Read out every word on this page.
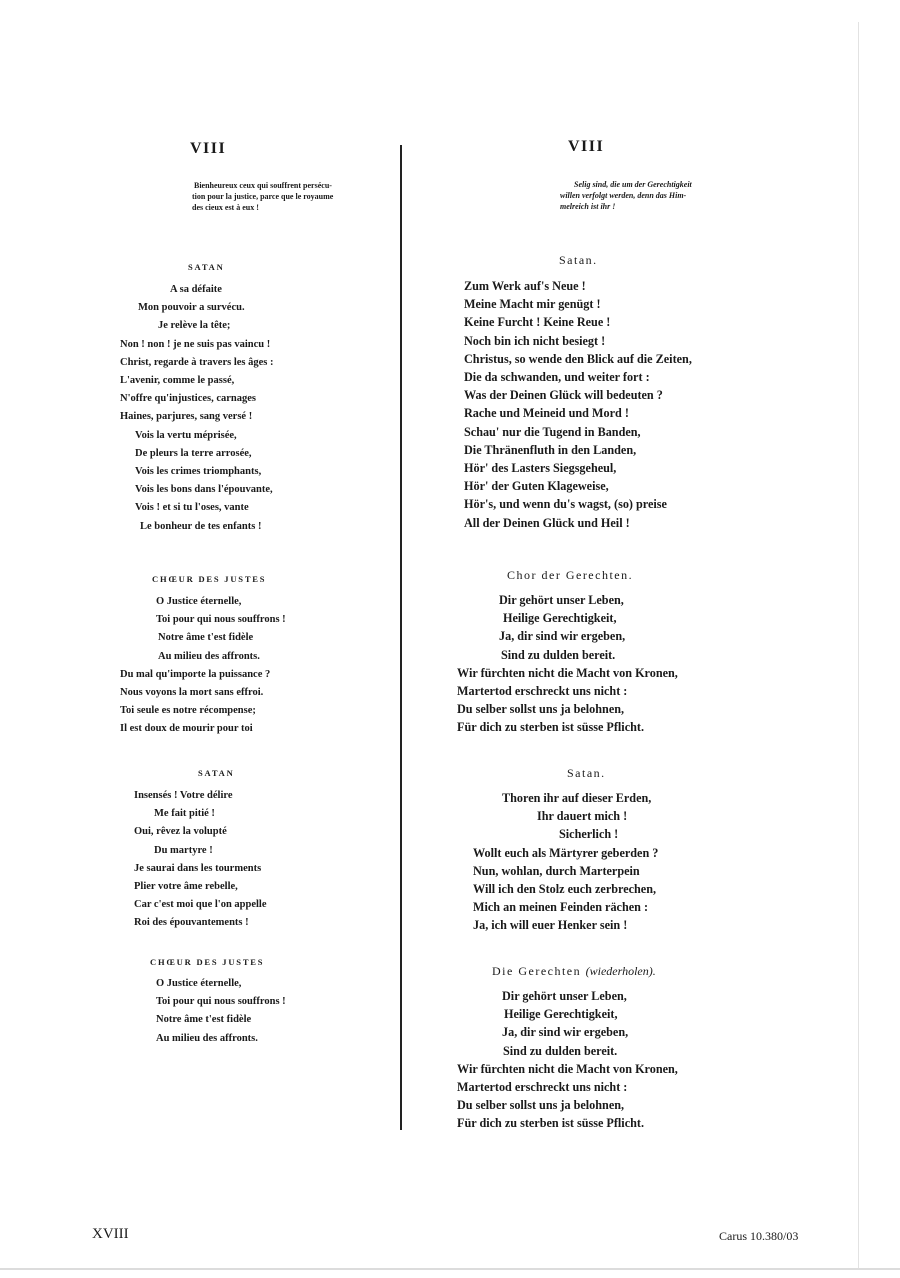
VIII
Bienheureux ceux qui souffrent persécu-
tion pour la justice, parce que le royaume
des cieux est à eux !
SATAN
A sa défaite
Mon pouvoir a survécu.
Je relève la tête;
Non ! non ! je ne suis pas vaincu !
Christ, regarde à travers les âges :
L'avenir, comme le passé,
N'offre qu'injustices, carnages
Haines, parjures, sang versé !
Vois la vertu méprisée,
De pleurs la terre arrosée,
Vois les crimes triomphants,
Vois les bons dans l'épouvante,
Vois ! et si tu l'oses, vante
Le bonheur de tes enfants !
CHŒUR DES JUSTES
O Justice éternelle,
Toi pour qui nous souffrons !
Notre âme t'est fidèle
Au milieu des affronts.
Du mal qu'importe la puissance ?
Nous voyons la mort sans effroi.
Toi seule es notre récompense;
Il est doux de mourir pour toi
SATAN
Insensés ! Votre délire
Me fait pitié !
Oui, rêvez la volupté
Du martyre !
Je saurai dans les tourments
Plier votre âme rebelle,
Car c'est moi que l'on appelle
Roi des épouvantements !
CHŒUR DES JUSTES
O Justice éternelle,
Toi pour qui nous souffrons !
Notre âme t'est fidèle
Au milieu des affronts.
VIII
Selig sind, die um der Gerechtigkeit
willen verfolgt werden, denn das Him-
melreich ist ihr !
Satan.
Zum Werk auf's Neue !
Meine Macht mir genügt !
Keine Furcht ! Keine Reue !
Noch bin ich nicht besiegt !
Christus, so wende den Blick auf die Zeiten,
Die da schwanden, und weiter fort :
Was der Deinen Glück will bedeuten ?
Rache und Meineid und Mord !
Schau' nur die Tugend in Banden,
Die Thränenfluth in den Landen,
Hör' des Lasters Siegsgeheul,
Hör' der Guten Klageweise,
Hör's, und wenn du's wagst, (so) preise
All der Deinen Glück und Heil !
Chor der Gerechten.
Dir gehört unser Leben,
Heilige Gerechtigkeit,
Ja, dir sind wir ergeben,
Sind zu dulden bereit.
Wir fürchten nicht die Macht von Kronen,
Martertod erschreckt uns nicht :
Du selber sollst uns ja belohnen,
Für dich zu sterben ist süsse Pflicht.
Satan.
Thoren ihr auf dieser Erden,
Ihr dauert mich !
Sicherlich !
Wollt euch als Märtyrer geberden ?
Nun, wohlan, durch Marterpein
Will ich den Stolz euch zerbrechen,
Mich an meinen Feinden rächen :
Ja, ich will euer Henker sein !
Die Gerechten (wiederholen).
Dir gehört unser Leben,
Heilige Gerechtigkeit,
Ja, dir sind wir ergeben,
Sind zu dulden bereit.
Wir fürchten nicht die Macht von Kronen,
Martertod erschreckt uns nicht :
Du selber sollst uns ja belohnen,
Für dich zu sterben ist süsse Pflicht.
XVIII	Carus 10.380/03
